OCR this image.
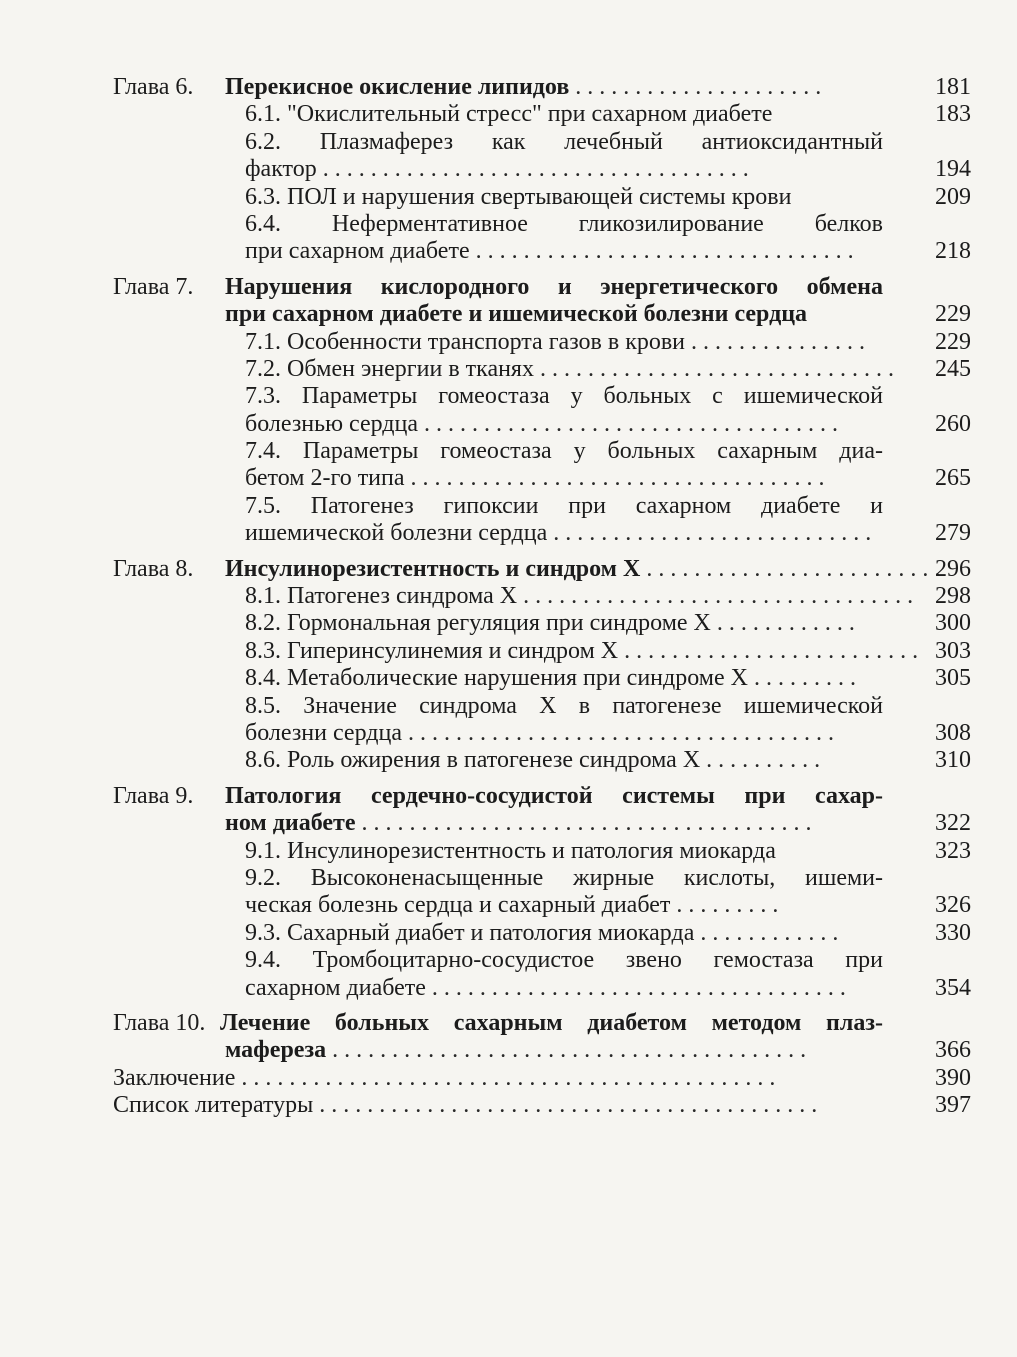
Глава 6. Перекисное окисление липидов . . . . . . . . . . . . . . . . . . . . .	181
6.1. "Окислительный стресс" при сахарном диабете	183
6.2. Плазмаферез как лечебный антиоксидантный
фактор . . . . . . . . . . . . . . . . . . . . . . . . . . . . . . . . . . . .	194
6.3. ПОЛ и нарушения свертывающей системы крови	209
6.4. Неферментативное гликозилирование белков
при сахарном диабете . . . . . . . . . . . . . . . . . . . . . . . . . . . . . . . .	218
Глава 7. Нарушения кислородного и энергетического обмена
при сахарном диабете и ишемической болезни сердца	229
7.1. Особенности транспорта газов в крови . . . . . . . . . . . . . . .	229
7.2. Обмен энергии в тканях . . . . . . . . . . . . . . . . . . . . . . . . . . . . . .	245
7.3. Параметры гомеостаза у больных с ишемической
болезнью сердца . . . . . . . . . . . . . . . . . . . . . . . . . . . . . . . . . . .	260
7.4. Параметры гомеостаза у больных сахарным диа-
бетом 2-го типа . . . . . . . . . . . . . . . . . . . . . . . . . . . . . . . . . . .	265
7.5. Патогенез гипоксии при сахарном диабете и
ишемической болезни сердца . . . . . . . . . . . . . . . . . . . . . . . . . . .	279
Глава 8. Инсулинорезистентность и синдром Х . . . . . . . . . . . . . . . . . . . . . . . . .
296
8.1. Патогенез синдрома Х . . . . . . . . . . . . . . . . . . . . . . . . . . . . . . . . . 298
8.2. Гормональная регуляция при синдроме Х . . . . . . . . . . . .	300
8.3. Гиперинсулинемия и синдром Х . . . . . . . . . . . . . . . . . . . . . . . . . 303
8.4. Метаболические нарушения при синдроме Х . . . . . . . . .	305
8.5. Значение синдрома Х в патогенезе ишемической
болезни сердца . . . . . . . . . . . . . . . . . . . . . . . . . . . . . . . . . . . .	308
8.6. Роль ожирения в патогенезе синдрома Х . . . . . . . . . .	310
Глава 9. Патология сердечно-сосудистой системы при сахар-
ном диабете . . . . . . . . . . . . . . . . . . . . . . . . . . . . . . . . . . . . . .	322
9.1. Инсулинорезистентность и патология миокарда	323
9.2. Высоконенасыщенные жирные кислоты, ишеми-
ческая болезнь сердца и сахарный диабет . . . . . . . . .	326
9.3. Сахарный диабет и патология миокарда . . . . . . . . . . . .	330
9.4. Тромбоцитарно-сосудистое звено гемостаза при
сахарном диабете . . . . . . . . . . . . . . . . . . . . . . . . . . . . . . . . . . .	354
Глава 10. Лечение больных сахарным диабетом методом плаз-
мафереза . . . . . . . . . . . . . . . . . . . . . . . . . . . . . . . . . . . . . . . .	366
Заключение . . . . . . . . . . . . . . . . . . . . . . . . . . . . . . . . . . . . . . . . . . . . .	390
Список литературы . . . . . . . . . . . . . . . . . . . . . . . . . . . . . . . . . . . . . . . . . .	397
